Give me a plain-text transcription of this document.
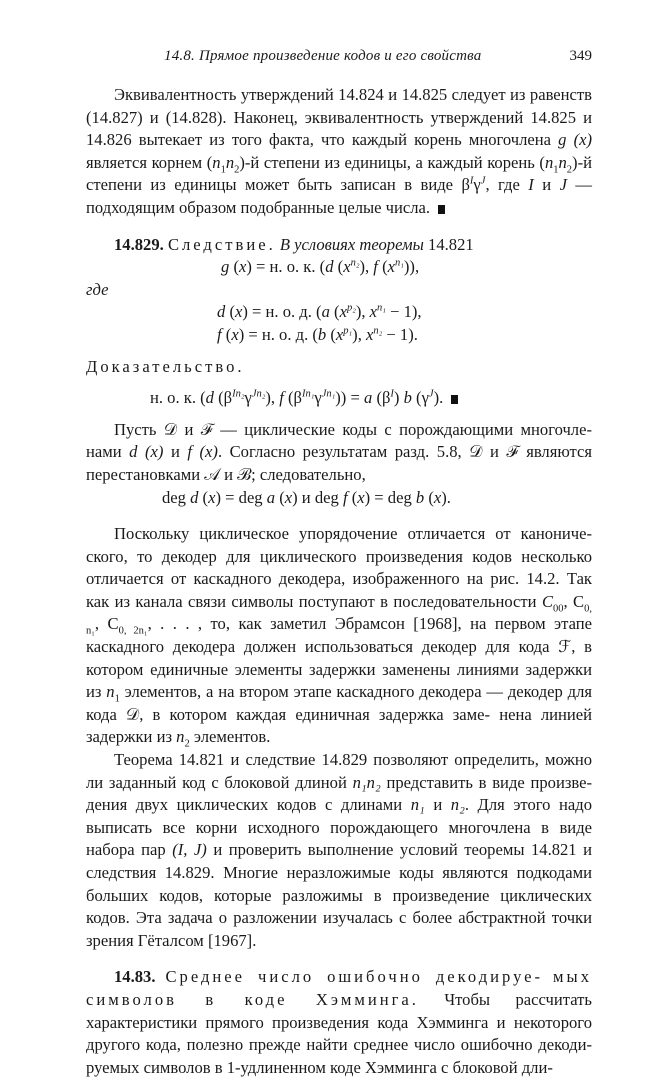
14.8. Прямое произведение кодов и его свойства	349

Эквивалентность утверждений 14.824 и 14.825 следует из равенств (14.827) и (14.828). Наконец, эквивалентность утверждений 14.825 и 14.826 вытекает из того факта, что каждый корень многочлена g (x) является корнем $(n_1n_2)-й$ степени из единицы, а каждый корень $(n_1n_2)-й$ степени из единицы может быть записан в виде $\beta^I\gamma^J$, где I и J — подходящим образом подобранные целые числа.

14.829. Следствие. В условиях теоремы 14.821

g (x) = н. о. к. (d $(x^{n_2})$, f $(x^{n_1})$),

где

d (x) = н. о. д. (a $(x^{p_2})$, $x^{n_1} - 1$),
f (x) = н. о. д. (b $(x^{p_1})$, $x^{n_2} - 1$).

Доказательство.

н. о. к. (d $(\beta^{In_2}\gamma^{Jn_2})$, f $(\beta^{In_1}\gamma^{Jn_1})) = a$ $(\beta^I)$ b $(\gamma^J)$.

Пусть 𝒟 и ℱ — циклические коды с порождающими многочле- нами d (x) и f (x). Согласно результатам разд. 5.8, 𝒟 и ℱ являются перестановками 𝒜 и ℬ; следовательно,

deg d (x) = deg a (x) и deg f (x) = deg b (x).

Поскольку циклическое упорядочение отличается от канониче- ского, то декодер для циклического произведения кодов несколько отличается от каскадного декодера, изображенного на рис. 14.2. Так как из канала связи символы поступают в последовательности $C_{00}$, $C_{0, n_1}$, $C_{0, 2n_1}$, . . . , то, как заметил Эбрамсон [1968], на первом этапе каскадного декодера должен использоваться декодер для кода ℱ, в котором единичные элементы задержки заменены линиями задержки из $n_1$ элементов, а на втором этапе каскадного декодера — декодер для кода 𝒟, в котором каждая единичная задержка заме- нена линией задержки из $n_2$ элементов.

Теорема 14.821 и следствие 14.829 позволяют определить, можно ли заданный код с блоковой длиной n₁n₂ представить в виде произве- дения двух циклических кодов с длинами n₁ и n₂. Для этого надо выписать все корни исходного порождающего многочлена в виде набора пар (I, J) и проверить выполнение условий теоремы 14.821 и следствия 14.829. Многие неразложимые коды являются подкодами больших кодов, которые разложимы в произведение циклических кодов. Эта задача о разложении изучалась с более абстрактной точки зрения Гёталсом [1967].

14.83. Среднее число ошибочно декодируе- мых символов в коде Хэмминга. Чтобы рассчитать характеристики прямого произведения кода Хэмминга и некоторого другого кода, полезно прежде найти среднее число ошибочно декоди- руемых символов в 1-удлиненном коде Хэмминга с блоковой дли-
